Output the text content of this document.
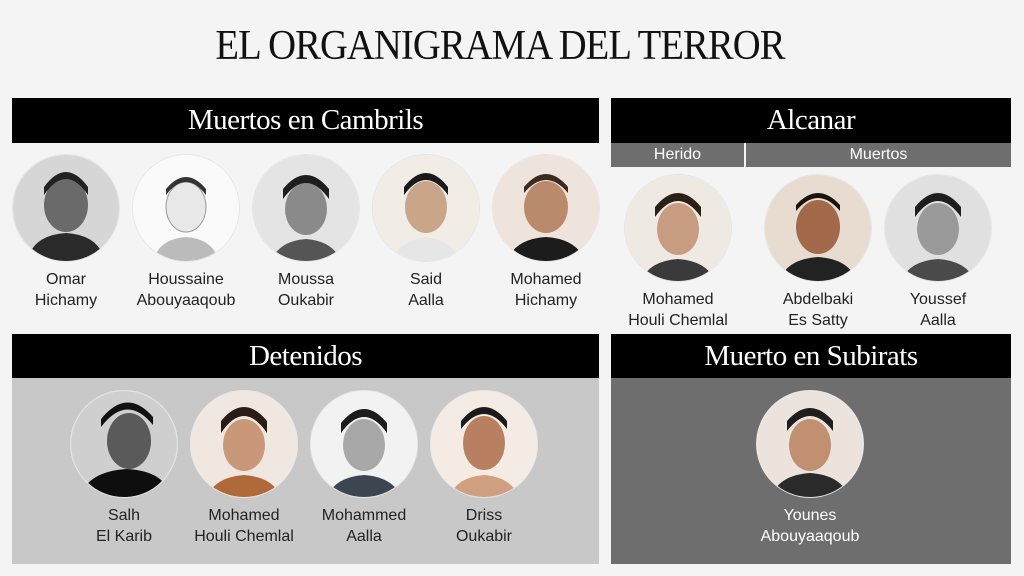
EL ORGANIGRAMA DEL TERROR
Muertos en Cambrils	Alcanar
Herido	Muertos
Detenidos	Muerto en Subirats
Omar
Hichamy
Houssaine
Abouyaaqoub
Moussa
Oukabir
Said
Aalla
Mohamed
Hichamy	Mohamed
Houli Chemlal
Abdelbaki
Es Satty
Youssef
Aalla
Salh
El Karib
Mohamed
Houli Chemlal
Mohammed
Aalla
Driss
Oukabir
Younes
Abouyaaqoub
